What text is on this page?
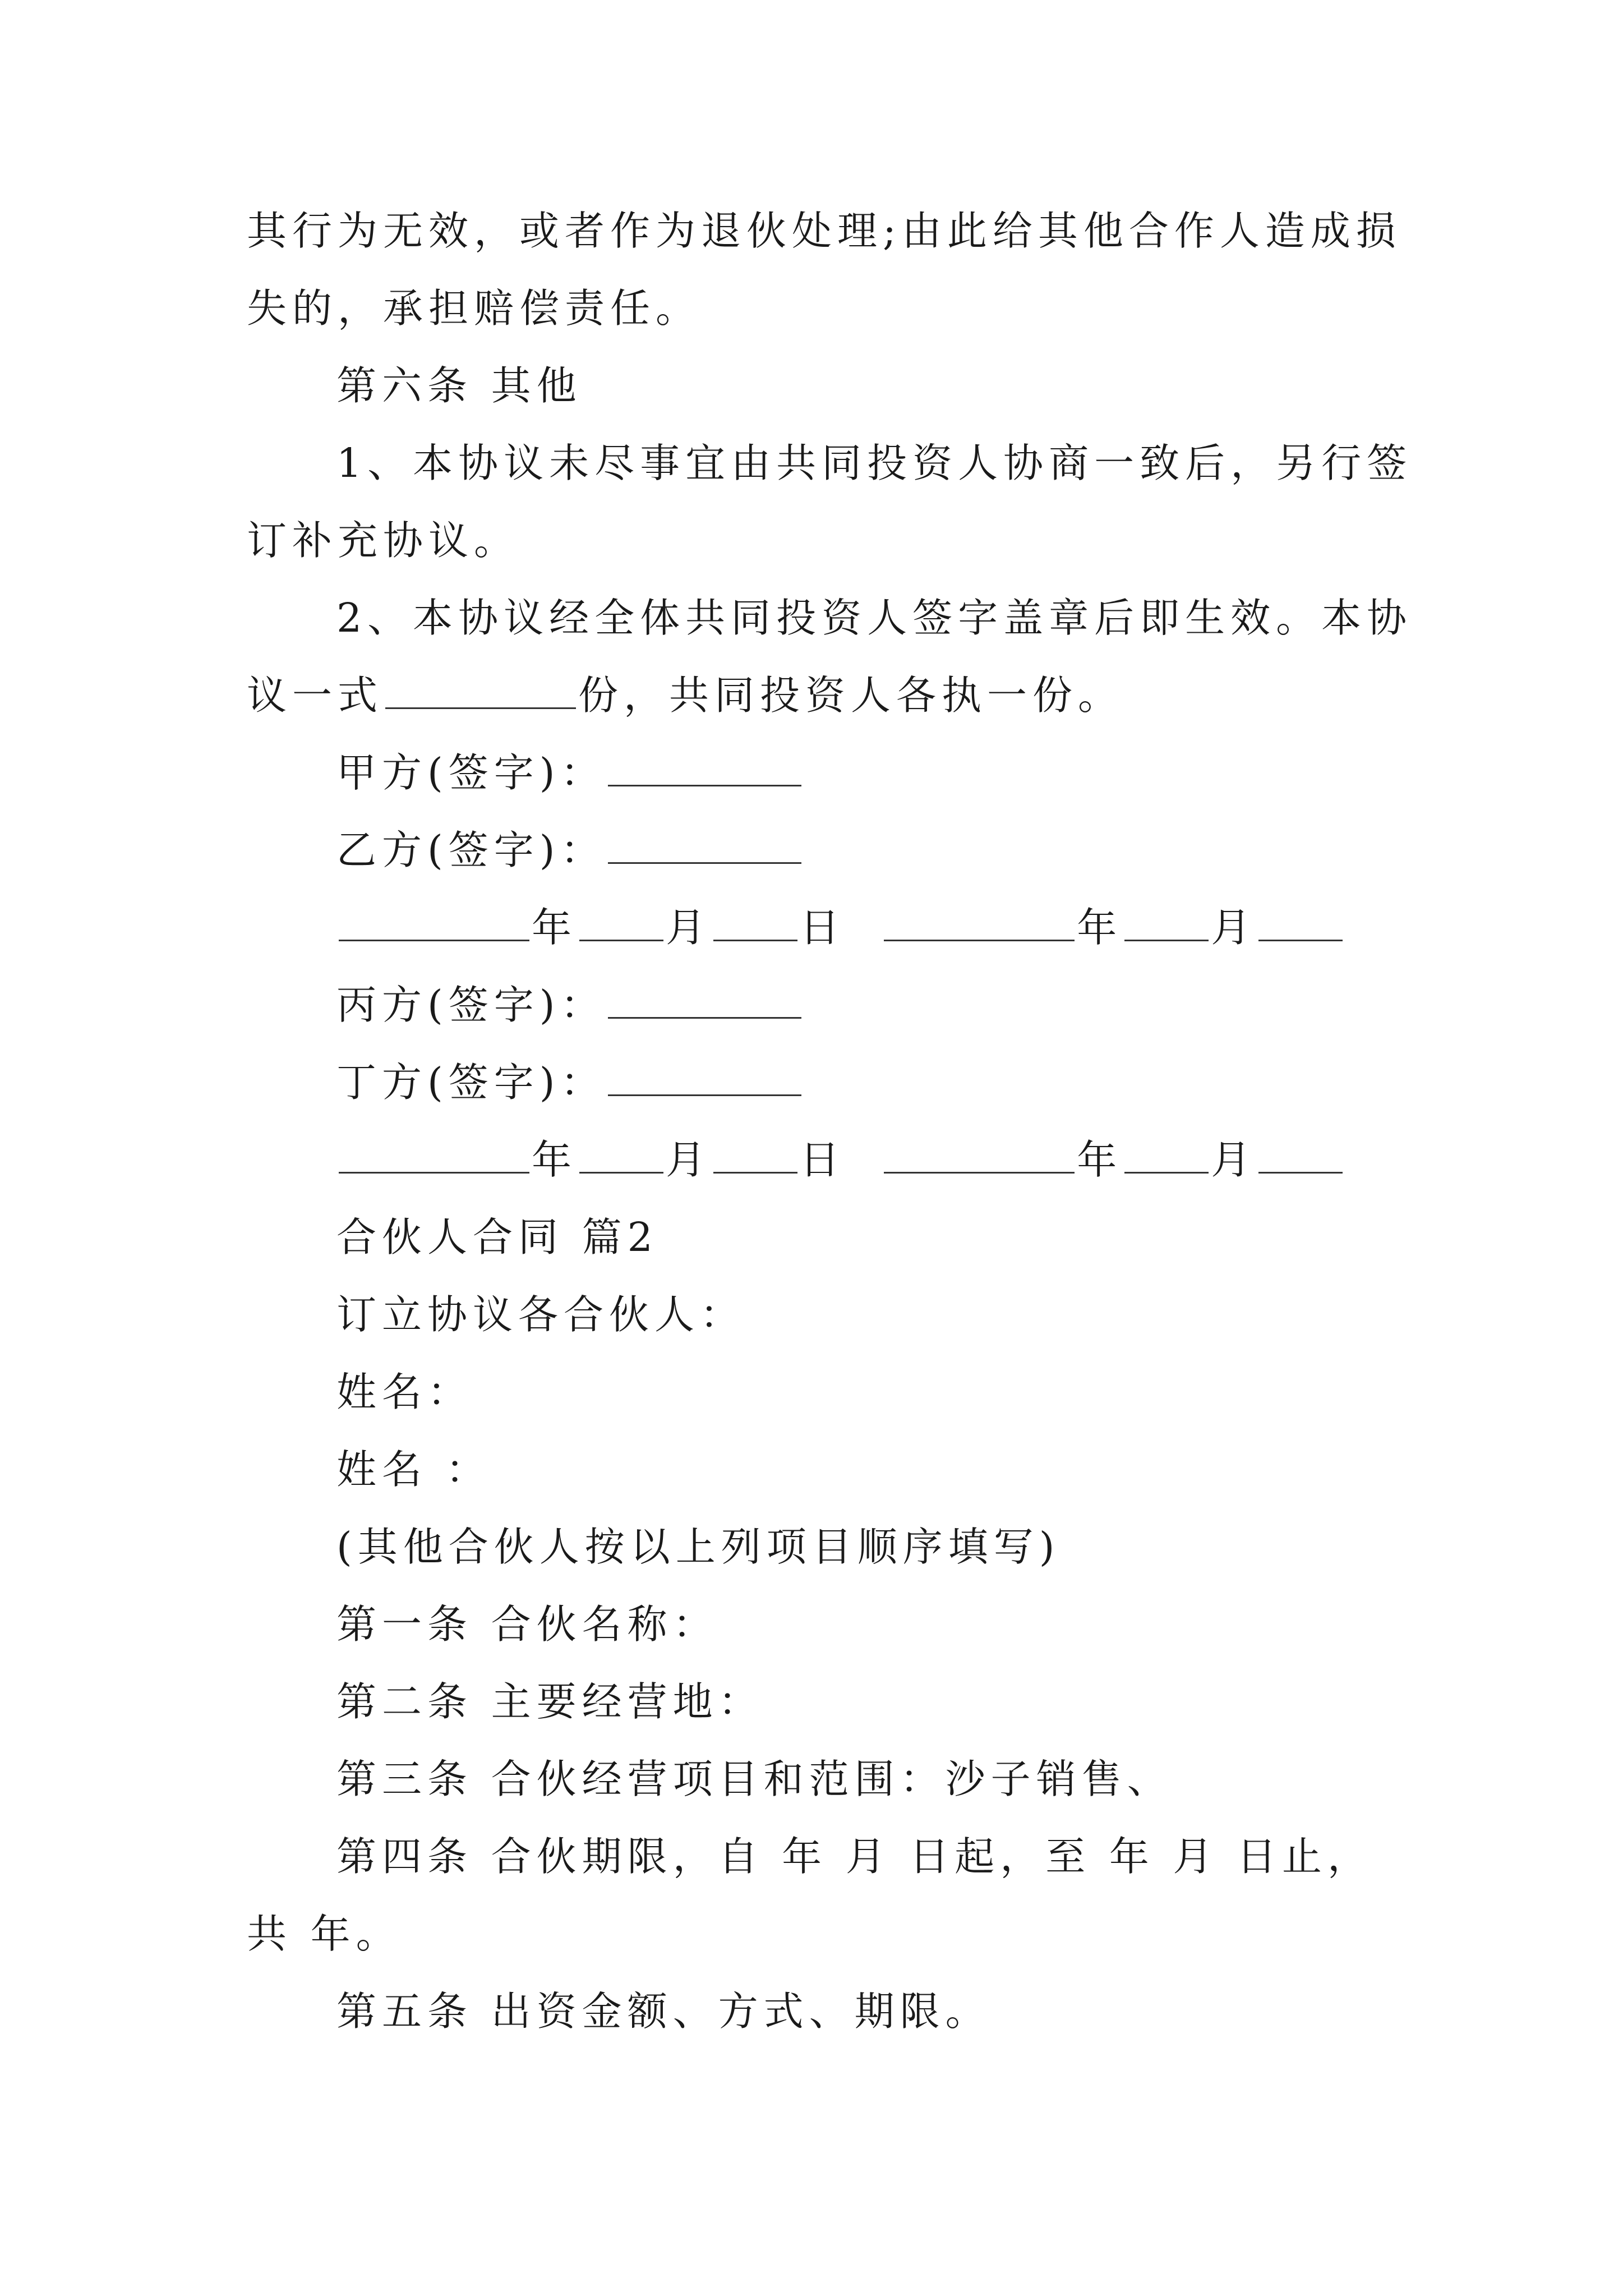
其行为无效，或者作为退伙处理;由此给其他合作人造成损
失的，承担赔偿责任。
第六条 其他
1、本协议未尽事宜由共同投资人协商一致后，另行签
订补充协议。
2、本协议经全体共同投资人签字盖章后即生效。本协
议一式	份，共同投资人各执一份。
甲方(签字)：
乙方(签字)：
年 月 日	年 月
丙方(签字)：
丁方(签字)：
年 月 日	年 月
合伙人合同 篇2
订立协议各合伙人：
姓名：
姓名 ：
(其他合伙人按以上列项目顺序填写)
第一条 合伙名称：
第二条 主要经营地：
第三条 合伙经营项目和范围：沙子销售、
第四条 合伙期限，自 年 月 日起，至 年 月 日止，
共 年。
第五条 出资金额、方式、期限。
